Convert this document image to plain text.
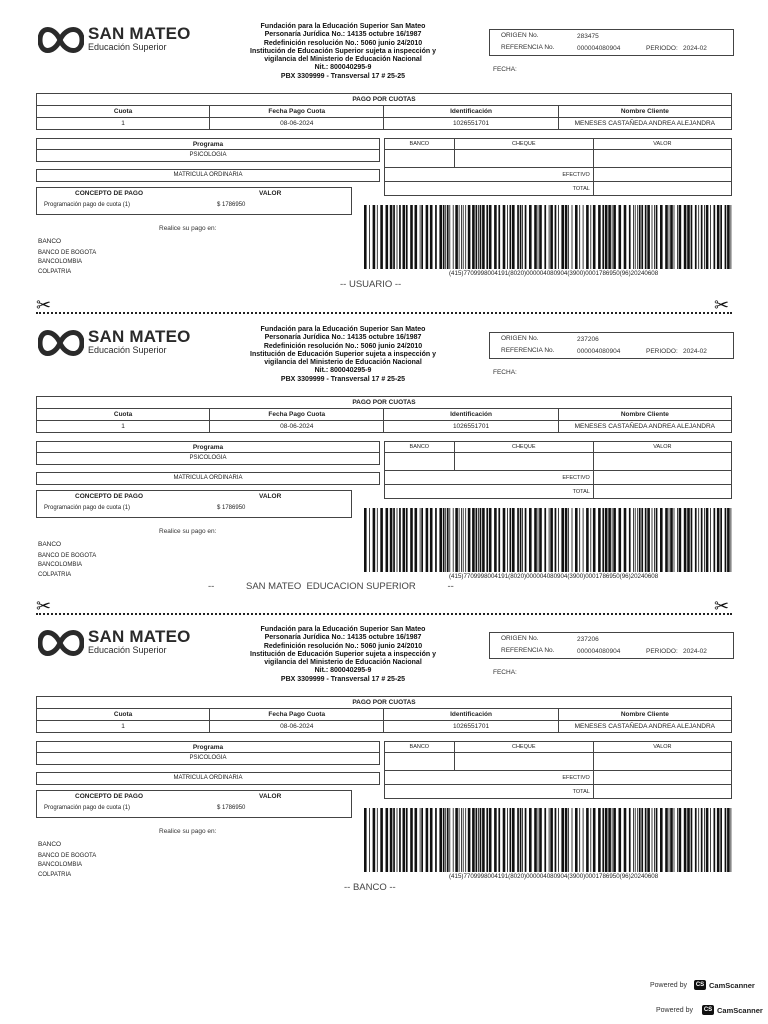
SAN MATEO
Educación Superior
Fundación para la Educación Superior San Mateo
Personaría Jurídica No.: 14135 octubre 16/1987
Redefinición resolución No.: 5060 junio 24/2010
Institución de Educación Superior sujeta a inspección y
vigilancia del Ministerio de Educación Nacional
Nit.: 800040295-9
PBX 3309999 - Transversal 17 # 25-25
ORIGEN No.	283475
REFERENCIA No.	000004080904	PERIODO: 2024-02
FECHA:
PAGO POR CUOTAS			
Cuota	Fecha Pago Cuota	Identificación	Nombre Cliente
1	08-06-2024	1026551701	MENESES CASTAÑEDA ANDREA ALEJANDRA
Programa
PSICOLOGIA
MATRICULA ORDINARIA
CONCEPTO DE PAGO	VALOR
Programación pago de cuota (1)	$ 1786950
BANCO	CHEQUE	VALOR

EFECTIVO		
TOTAL		
Realice su pago en:
BANCO
BANCO DE BOGOTA
BANCOLOMBIA
COLPATRIA	(415)7709998004191(8020)000004080904(3900)0001786950(96)20240608
-- USUARIO --
SAN MATEO
Educación Superior
Fundación para la Educación Superior San Mateo
Personaría Jurídica No.: 14135 octubre 16/1987
Redefinición resolución No.: 5060 junio 24/2010
Institución de Educación Superior sujeta a inspección y
vigilancia del Ministerio de Educación Nacional
Nit.: 800040295-9
PBX 3309999 - Transversal 17 # 25-25
ORIGEN No.	237206
REFERENCIA No.	000004080904	PERIODO: 2024-02
FECHA:
PAGO POR CUOTAS			
Cuota	Fecha Pago Cuota	Identificación	Nombre Cliente
1	08-06-2024	1026551701	MENESES CASTAÑEDA ANDREA ALEJANDRA
Programa
PSICOLOGIA
MATRICULA ORDINARIA
CONCEPTO DE PAGO	VALOR
Programación pago de cuota (1)	$ 1786950
BANCO	CHEQUE	VALOR

EFECTIVO		
TOTAL		
Realice su pago en:
BANCO
BANCO DE BOGOTA
BANCOLOMBIA
COLPATRIA	(415)7709998004191(8020)000004080904(3900)0001786950(96)20240608
--            SAN MATEO  EDUCACION SUPERIOR            --
SAN MATEO
Educación Superior
Fundación para la Educación Superior San Mateo
Personaría Jurídica No.: 14135 octubre 16/1987
Redefinición resolución No.: 5060 junio 24/2010
Institución de Educación Superior sujeta a inspección y
vigilancia del Ministerio de Educación Nacional
Nit.: 800040295-9
PBX 3309999 - Transversal 17 # 25-25
ORIGEN No.	237206
REFERENCIA No.	000004080904	PERIODO: 2024-02
FECHA:
PAGO POR CUOTAS			
Cuota	Fecha Pago Cuota	Identificación	Nombre Cliente
1	08-06-2024	1026551701	MENESES CASTAÑEDA ANDREA ALEJANDRA
Programa
PSICOLOGIA
MATRICULA ORDINARIA
CONCEPTO DE PAGO	VALOR
Programación pago de cuota (1)	$ 1786950
BANCO	CHEQUE	VALOR

EFECTIVO		
TOTAL		
Realice su pago en:
BANCO
BANCO DE BOGOTA
BANCOLOMBIA
COLPATRIA	(415)7709998004191(8020)000004080904(3900)0001786950(96)20240608
-- BANCO --
✂	✂
✂	✂
Powered by	CS CamScanner
Powered by	CS CamScanner
